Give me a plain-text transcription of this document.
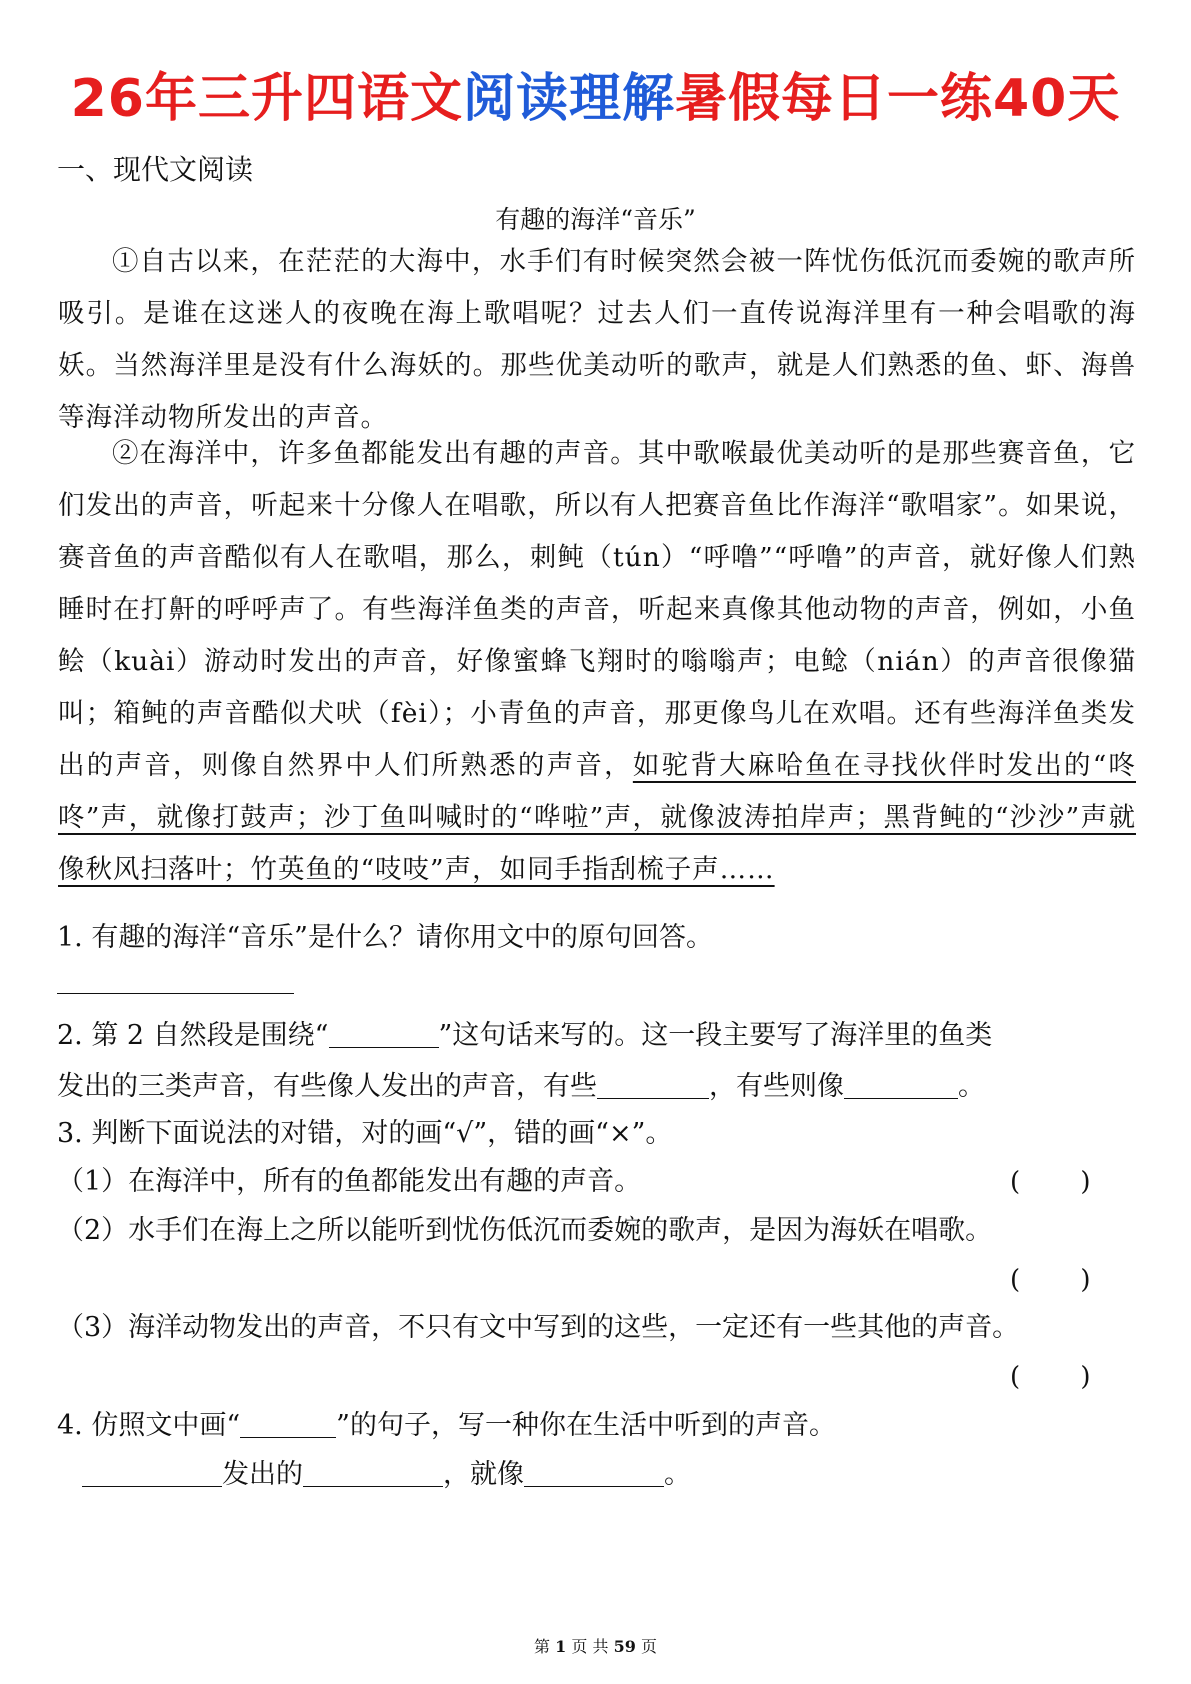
26年三升四语文阅读理解暑假每日一练40天
一、现代文阅读
有趣的海洋“音乐”
①自古以来，在茫茫的大海中，水手们有时候突然会被一阵忧伤低沉而委婉的歌声所吸引。是谁在这迷人的夜晚在海上歌唱呢？过去人们一直传说海洋里有一种会唱歌的海妖。当然海洋里是没有什么海妖的。那些优美动听的歌声，就是人们熟悉的鱼、虾、海兽等海洋动物所发出的声音。
②在海洋中，许多鱼都能发出有趣的声音。其中歌喉最优美动听的是那些赛音鱼，它们发出的声音，听起来十分像人在唱歌，所以有人把赛音鱼比作海洋“歌唱家”。如果说，赛音鱼的声音酷似有人在歌唱，那么，刺鲀（tún）“呼噜”“呼噜”的声音，就好像人们熟睡时在打鼾的呼呼声了。有些海洋鱼类的声音，听起来真像其他动物的声音，例如，小鱼鲙（kuài）游动时发出的声音，好像蜜蜂飞翔时的嗡嗡声；电鲶（nián）的声音很像猫叫；箱鲀的声音酷似犬吠（fèi）；小青鱼的声音，那更像鸟儿在欢唱。还有些海洋鱼类发出的声音，则像自然界中人们所熟悉的声音，如驼背大麻哈鱼在寻找伙伴时发出的“咚咚”声，就像打鼓声；沙丁鱼叫喊时的“哗啦”声，就像波涛拍岸声；黑背鲀的“沙沙”声就像秋风扫落叶；竹英鱼的“吱吱”声，如同手指刮梳子声……
1. 有趣的海洋“音乐”是什么？请你用文中的原句回答。
2. 第 2 自然段是围绕“	”这句话来写的。这一段主要写了海洋里的鱼类
发出的三类声音，有些像人发出的声音，有些	，有些则像	。
3. 判断下面说法的对错，对的画“√”，错的画“×”。
（1）在海洋中，所有的鱼都能发出有趣的声音。	( )
（2）水手们在海上之所以能听到忧伤低沉而委婉的歌声，是因为海妖在唱歌。
( )
（3）海洋动物发出的声音，不只有文中写到的这些，一定还有一些其他的声音。
( )
4. 仿照文中画“	”的句子，写一种你在生活中听到的声音。
发出的	，就像	。
第 1 页 共 59 页
